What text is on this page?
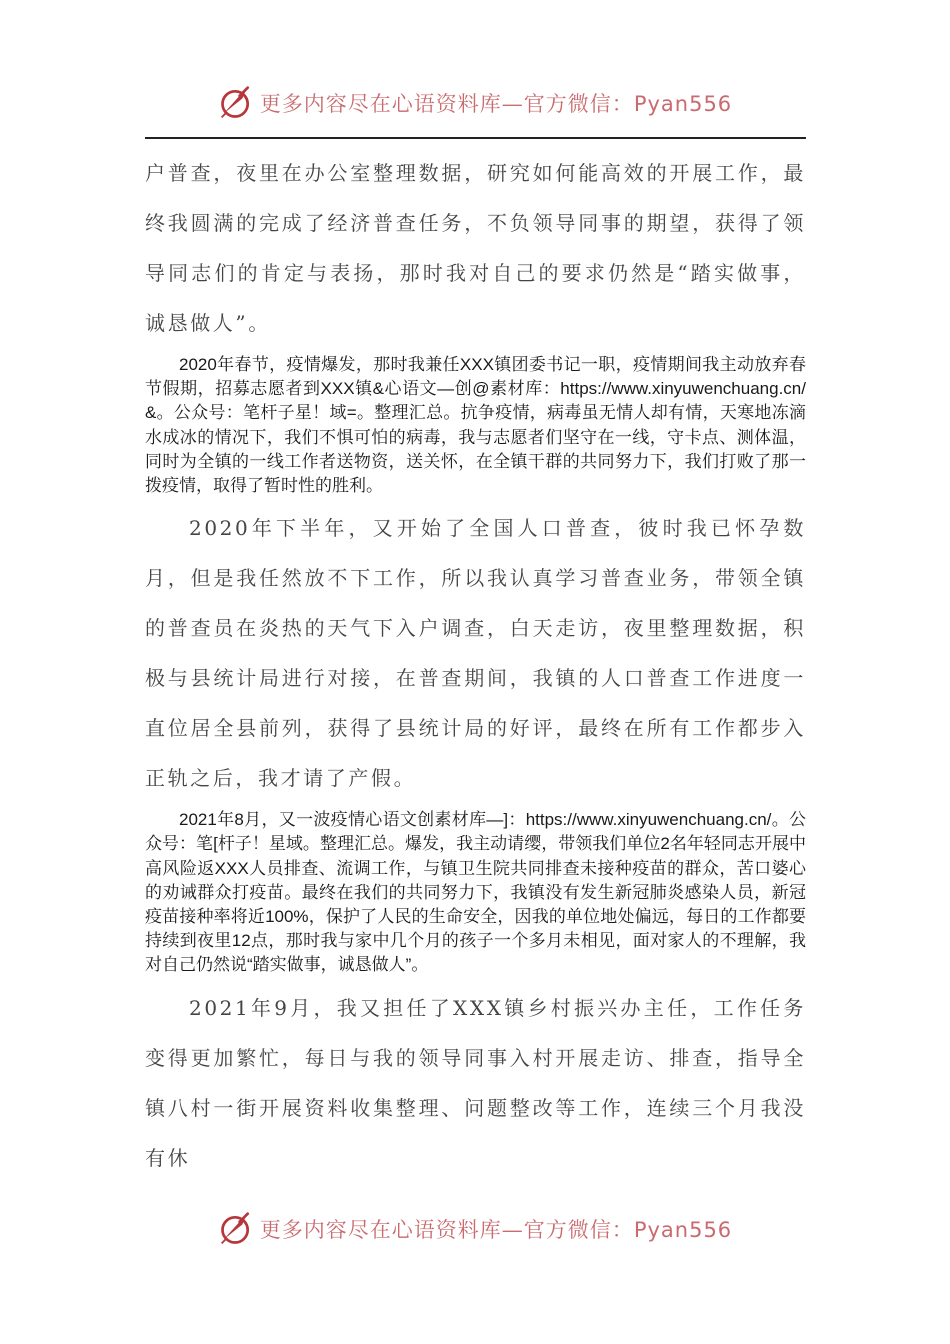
更多内容尽在心语资料库—官方微信：Pyan556

户普查，夜里在办公室整理数据，研究如何能高效的开展工作，最终我圆满的完成了经济普查任务，不负领导同事的期望，获得了领导同志们的肯定与表扬，那时我对自己的要求仍然是“踏实做事，诚恳做人”。

2020年春节，疫情爆发，那时我兼任XXX镇团委书记一职，疫情期间我主动放弃春节假期，招募志愿者到XXX镇&心语文—创@素材库：https://www.xinyuwenchuang.cn/&。公众号：笔杆子星！域=。整理汇总。抗争疫情，病毒虽无情人却有情，天寒地冻滴水成冰的情况下，我们不惧可怕的病毒，我与志愿者们坚守在一线，守卡点、测体温，同时为全镇的一线工作者送物资，送关怀，在全镇干群的共同努力下，我们打败了那一拨疫情，取得了暂时性的胜利。

2020年下半年，又开始了全国人口普查，彼时我已怀孕数月，但是我任然放不下工作，所以我认真学习普查业务，带领全镇的普查员在炎热的天气下入户调查，白天走访，夜里整理数据，积极与县统计局进行对接，在普查期间，我镇的人口普查工作进度一直位居全县前列，获得了县统计局的好评，最终在所有工作都步入正轨之后，我才请了产假。

2021年8月，又一波疫情心语文创素材库—]：https://www.xinyuwenchuang.cn/。公众号：笔[杆子！星域。整理汇总。爆发，我主动请缨，带领我们单位2名年轻同志开展中高风险返XXX人员排查、流调工作，与镇卫生院共同排查未接种疫苗的群众，苦口婆心的劝诫群众打疫苗。最终在我们的共同努力下，我镇没有发生新冠肺炎感染人员，新冠疫苗接种率将近100%，保护了人民的生命安全，因我的单位地处偏远，每日的工作都要持续到夜里12点，那时我与家中几个月的孩子一个多月未相见，面对家人的不理解，我对自己仍然说“踏实做事，诚恳做人”。

2021年9月，我又担任了XXX镇乡村振兴办主任，工作任务变得更加繁忙，每日与我的领导同事入村开展走访、排查，指导全镇八村一街开展资料收集整理、问题整改等工作，连续三个月我没有休

更多内容尽在心语资料库—官方微信：Pyan556
